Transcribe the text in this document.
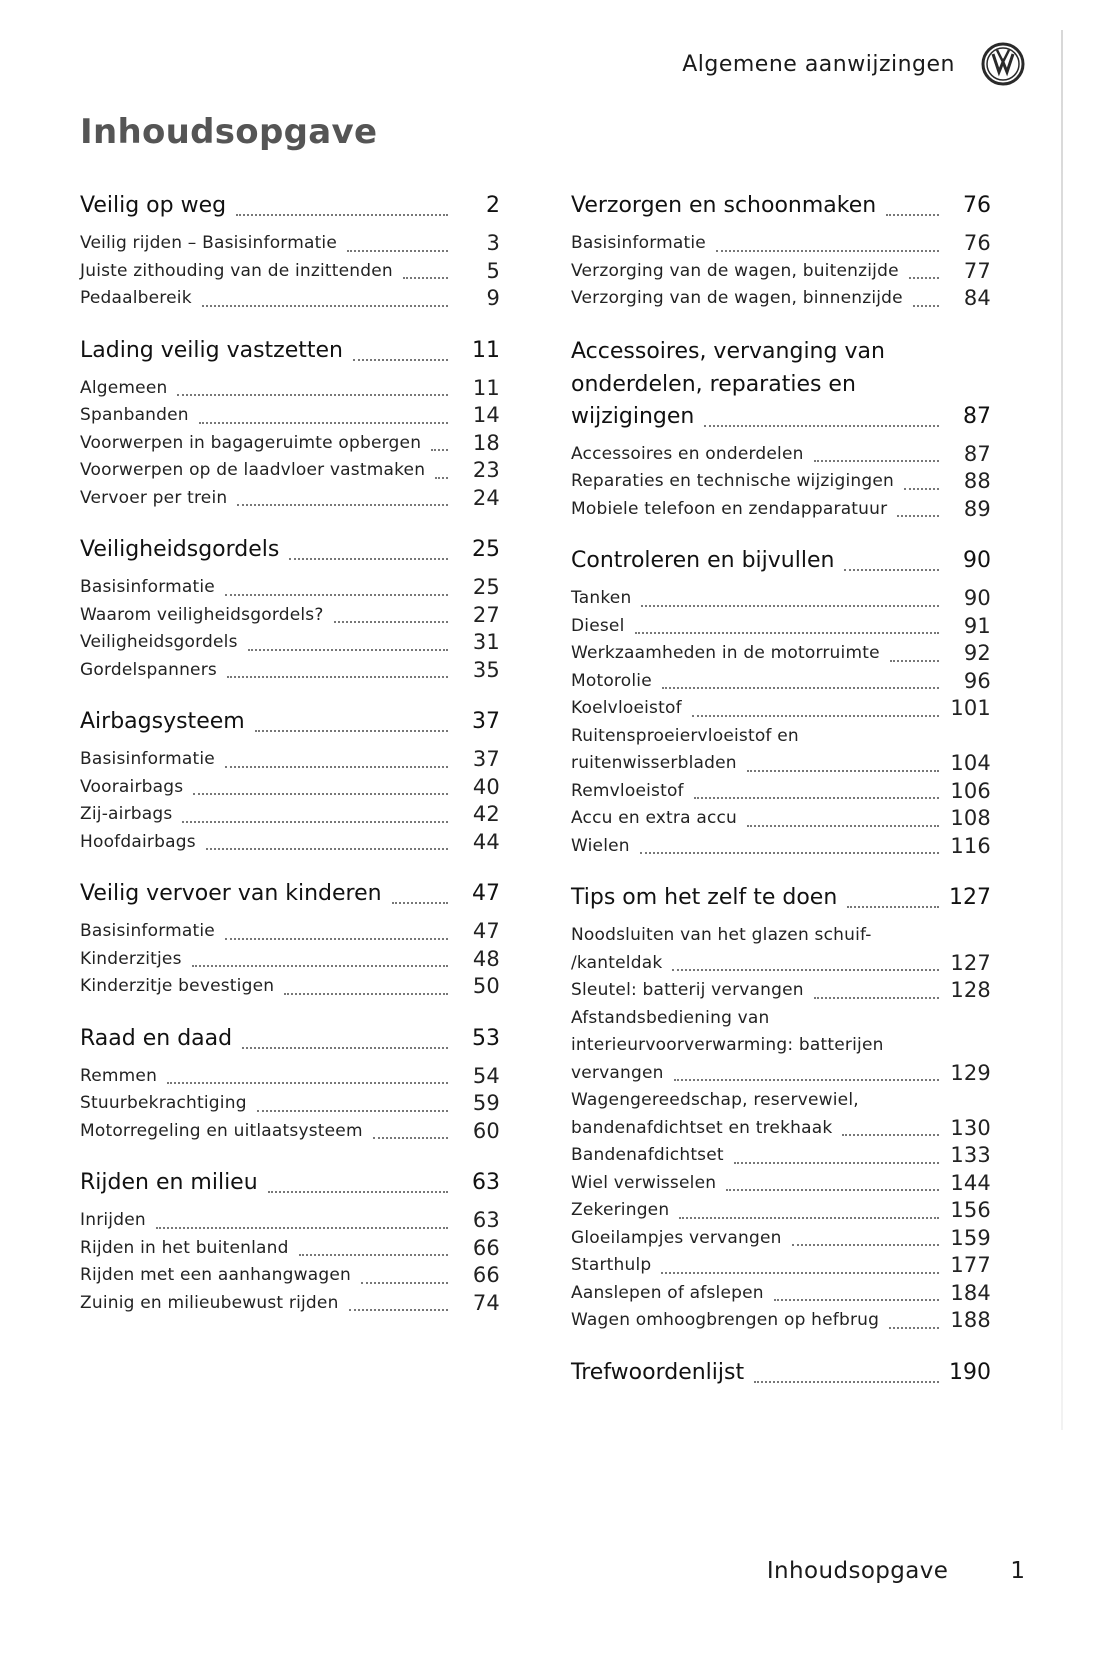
Algemene aanwijzingen
Inhoudsopgave
Veilig op weg	2
Veilig rijden – Basisinformatie	3
Juiste zithouding van de inzittenden	5
Pedaalbereik	9
Lading veilig vastzetten	11
Algemeen	11
Spanbanden	14
Voorwerpen in bagageruimte opbergen	18
Voorwerpen op de laadvloer vastmaken	23
Vervoer per trein	24
Veiligheidsgordels	25
Basisinformatie	25
Waarom veiligheidsgordels?	27
Veiligheidsgordels	31
Gordelspanners	35
Airbagsysteem	37
Basisinformatie	37
Voorairbags	40
Zij-airbags	42
Hoofdairbags	44
Veilig vervoer van kinderen	47
Basisinformatie	47
Kinderzitjes	48
Kinderzitje bevestigen	50
Raad en daad	53
Remmen	54
Stuurbekrachtiging	59
Motorregeling en uitlaatsysteem	60
Rijden en milieu	63
Inrijden	63
Rijden in het buitenland	66
Rijden met een aanhangwagen	66
Zuinig en milieubewust rijden	74
Verzorgen en schoonmaken	76
Basisinformatie	76
Verzorging van de wagen, buitenzijde	77
Verzorging van de wagen, binnenzijde	84
Accessoires, vervanging van
onderdelen, reparaties en
wijzigingen	87
Accessoires en onderdelen	87
Reparaties en technische wijzigingen	88
Mobiele telefoon en zendapparatuur	89
Controleren en bijvullen	90
Tanken	90
Diesel	91
Werkzaamheden in de motorruimte	92
Motorolie	96
Koelvloeistof	101
Ruitensproeiervloeistof en
ruitenwisserbladen	104
Remvloeistof	106
Accu en extra accu	108
Wielen	116
Tips om het zelf te doen	127
Noodsluiten van het glazen schuif-
/kanteldak	127
Sleutel: batterij vervangen	128
Afstandsbediening van
interieurvoorverwarming: batterijen
vervangen	129
Wagengereedschap, reservewiel,
bandenafdichtset en trekhaak	130
Bandenafdichtset	133
Wiel verwisselen	144
Zekeringen	156
Gloeilampjes vervangen	159
Starthulp	177
Aanslepen of afslepen	184
Wagen omhoogbrengen op hefbrug	188
Trefwoordenlijst	190
Inhoudsopgave	1
